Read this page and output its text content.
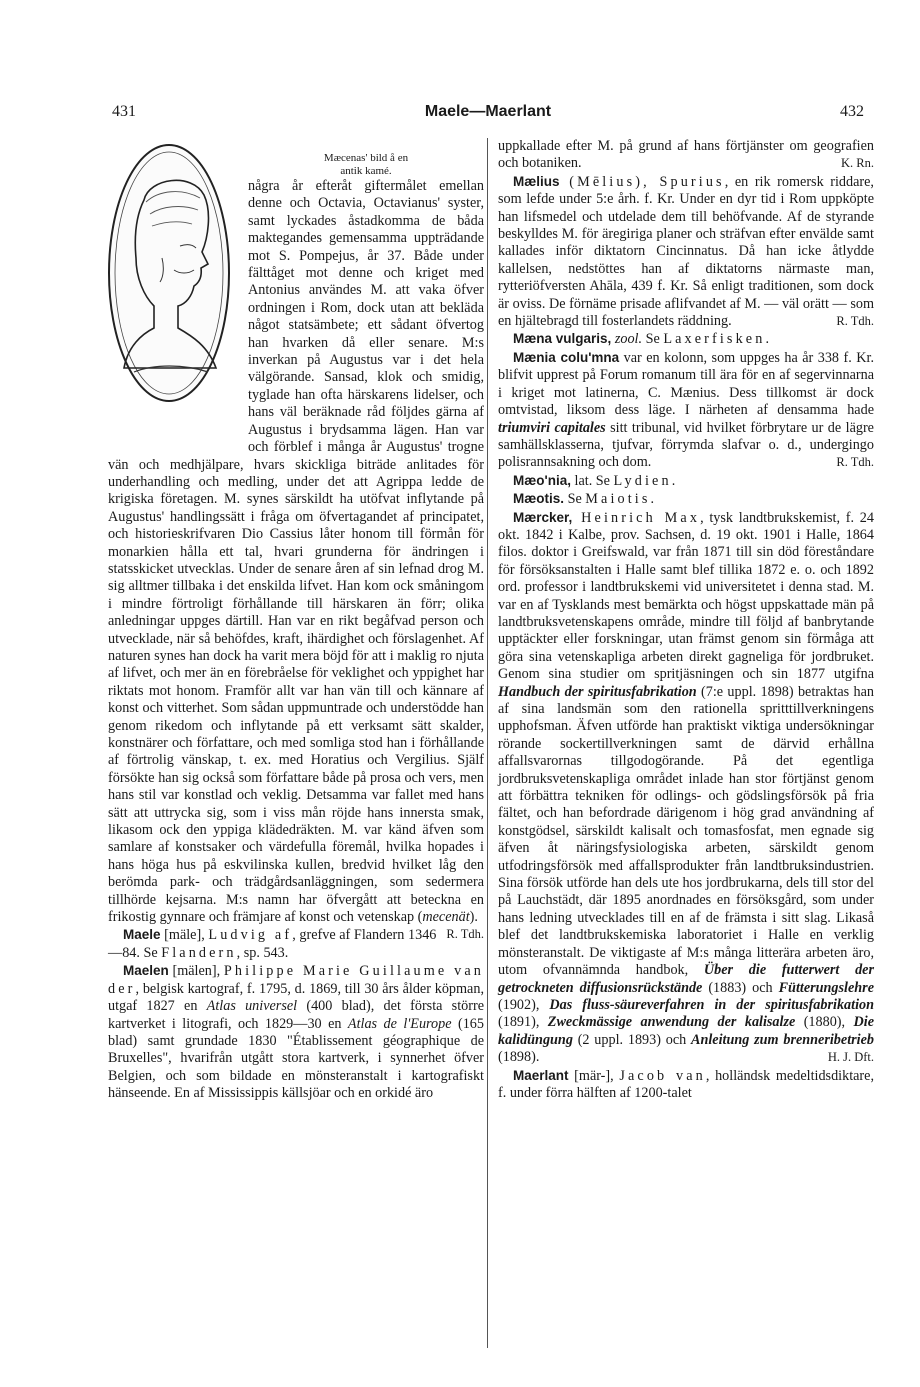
431	Maele—Maerlant	432

Mæcenas' bild å en
antik kamé.
några år efteråt giftermålet emellan denne och Octavia, Octavianus' syster, samt lyckades åstadkomma de båda maktegandes gemensamma uppträdande mot S. Pompejus, år 37. Både under fälttåget mot denne och kriget med Antonius användes M. att vaka öfver ordningen i Rom, dock utan att bekläda något statsämbete; ett sådant öfvertog han hvarken då eller senare. M:s inverkan på Augustus var i det hela välgörande. Sansad, klok och smidig, tyglade han ofta härskarens lidelser, och hans väl beräknade råd följdes gärna af Augustus i brydsamma lägen. Han var och förblef i många år Augustus' trogne vän och medhjälpare, hvars skickliga biträde anlitades för underhandling och medling, under det att Agrippa ledde de krigiska företagen. M. synes särskildt ha utöfvat inflytande på Augustus' handlingssätt i fråga om öfvertagandet af principatet, och historieskrifvaren Dio Cassius låter honom till förmån för monarkien hålla ett tal, hvari grunderna för ändringen i statsskicket utvecklas. Under de senare åren af sin lefnad drog M. sig alltmer tillbaka i det enskilda lifvet. Han kom ock småningom i mindre förtroligt förhållande till härskaren än förr; olika anledningar uppges därtill. Han var en rikt begåfvad person och utvecklade, när så behöfdes, kraft, ihärdighet och förslagenhet. Af naturen synes han dock ha varit mera böjd för att i maklig ro njuta af lifvet, och mer än en förebråelse för veklighet och yppighet har riktats mot honom. Framför allt var han vän till och kännare af konst och vitterhet. Som sådan uppmuntrade och understödde han genom rikedom och inflytande på ett verksamt sätt skalder, konstnärer och författare, och med somliga stod han i förhållande af förtrolig vänskap, t. ex. med Horatius och Vergilius. Själf försökte han sig också som författare både på prosa och vers, men hans stil var konstlad och veklig. Detsamma var fallet med hans sätt att uttrycka sig, som i viss mån röjde hans innersta smak, likasom ock den yppiga klädedräkten. M. var känd äfven som samlare af konstsaker och värdefulla föremål, hvilka hopades i hans höga hus på eskvilinska kullen, bredvid hvilket låg den berömda park- och trädgårdsanläggningen, som sedermera tillhörde kejsarna. M:s namn har öfvergått att beteckna en frikostig gynnare och främjare af konst och vetenskap (mecenät).
R. Tdh.

Maele [mäle], Ludvig af, grefve af Flandern 1346—84. Se Flandern, sp. 543.

Maelen [mälen], Philippe Marie Guillaume van der, belgisk kartograf, f. 1795, d. 1869, till 30 års ålder köpman, utgaf 1827 en Atlas universel (400 blad), det första större kartverket i litografi, och 1829—30 en Atlas de l'Europe (165 blad) samt grundade 1830 "Établissement géographique de Bruxelles", hvarifrån utgått stora kartverk, i synnerhet öfver Belgien, och som bildade en mönsteranstalt i kartografiskt hänseende. En af Mississippis källsjöar och en orkidé äro

uppkallade efter M. på grund af hans förtjänster om geografien och botaniken.	K. Rn.

Mælius (Mēlius), Spurius, en rik romersk riddare, som lefde under 5:e årh. f. Kr. Under en dyr tid i Rom uppköpte han lifsmedel och utdelade dem till behöfvande. Af de styrande beskylldes M. för äregiriga planer och sträfvan efter envälde samt kallades inför diktatorn Cincinnatus. Då han icke åtlydde kallelsen, nedstöttes han af diktatorns närmaste man, rytteriöfversten Ahāla, 439 f. Kr. Så enligt traditionen, som dock är oviss. De förnäme prisade aflifvandet af M. — väl orätt — som en hjältebragd till fosterlandets räddning.	R. Tdh.

Mæna vulgaris, zool. Se Laxerfisken.

Mænia colu'mna var en kolonn, som uppges ha år 338 f. Kr. blifvit upprest på Forum romanum till ära för en af segervinnarna i kriget mot latinerna, C. Mænius. Dess tillkomst är dock omtvistad, liksom dess läge. I närheten af densamma hade triumviri capitales sitt tribunal, vid hvilket förbrytare ur de lägre samhällsklasserna, tjufvar, förrymda slafvar o. d., undergingo polisrannsakning och dom.	R. Tdh.

Mæo'nia, lat. Se Lydien.

Mæotis. Se Maiotis.

Mærcker, Heinrich Max, tysk landtbrukskemist, f. 24 okt. 1842 i Kalbe, prov. Sachsen, d. 19 okt. 1901 i Halle, 1864 filos. doktor i Greifswald, var från 1871 till sin död föreståndare för försöksanstalten i Halle samt blef tillika 1872 e. o. och 1892 ord. professor i landtbrukskemi vid universitetet i denna stad. M. var en af Tysklands mest bemärkta och högst uppskattade män på landtbruksvetenskapens område, mindre till följd af banbrytande upptäckter eller forskningar, utan främst genom sin förmåga att göra sina vetenskapliga arbeten direkt gagneliga för jordbruket. Genom sina studier om spritjäsningen och sin 1877 utgifna Handbuch der spiritusfabrikation (7:e uppl. 1898) betraktas han af sina landsmän som den rationella spritttillverkningens upphofsman. Äfven utförde han praktiskt viktiga undersökningar rörande sockertillverkningen samt de därvid erhållna affallsvarornas tillgodogörande. På det egentliga jordbruksvetenskapliga området inlade han stor förtjänst genom att förbättra tekniken för odlings- och gödslingsförsök på fria fältet, och han befordrade därigenom i hög grad användning af konstgödsel, särskildt kalisalt och tomasfosfat, men egnade sig äfven åt näringsfysiologiska arbeten, särskildt genom utfodringsförsök med affallsprodukter från landtbruksindustrien. Sina försök utförde han dels ute hos jordbrukarna, dels till stor del på Lauchstädt, där 1895 anordnades en försöksgård, som under hans ledning utvecklades till en af de främsta i sitt slag. Likaså blef det landtbrukskemiska laboratoriet i Halle en verklig mönsteranstalt. De viktigaste af M:s många litterära arbeten äro, utom ofvannämnda handbok, Über die futterwert der getrockneten diffusionsrückstände (1883) och Fütterungslehre (1902), Das fluss-säureverfahren in der spiritusfabrikation (1891), Zweckmässige anwendung der kalisalze (1880), Die kalidüngung (2 uppl. 1893) och Anleitung zum brenneribetrieb (1898).	H. J. Dft.

Maerlant [mär-], Jacob van, holländsk medeltidsdiktare, f. under förra hälften af 1200-talet
